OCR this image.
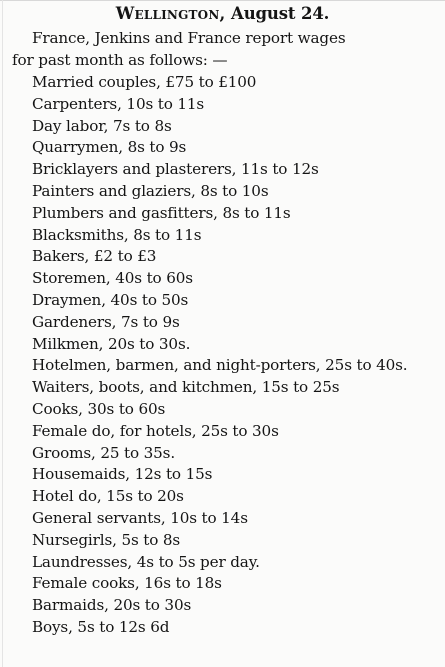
Wellington, August 24.
France, Jenkins and France report wages
for past month as follows: —
Married couples, £75 to £100
Carpenters, 10s to 11s
Day labor, 7s to 8s
Quarrymen, 8s to 9s
Bricklayers and plasterers, 11s to 12s
Painters and glaziers, 8s to 10s
Plumbers and gasfitters, 8s to 11s
Blacksmiths, 8s to 11s
Bakers, £2 to £3
Storemen, 40s to 60s
Draymen, 40s to 50s
Gardeners, 7s to 9s
Milkmen, 20s to 30s.
Hotelmen, barmen, and night-porters, 25s to 40s.
Waiters, boots, and kitchmen, 15s to 25s
Cooks, 30s to 60s
Female do, for hotels, 25s to 30s
Grooms, 25 to 35s.
Housemaids, 12s to 15s
Hotel do, 15s to 20s
General servants, 10s to 14s
Nursegirls, 5s to 8s
Laundresses, 4s to 5s per day.
Female cooks, 16s to 18s
Barmaids, 20s to 30s
Boys, 5s to 12s 6d
